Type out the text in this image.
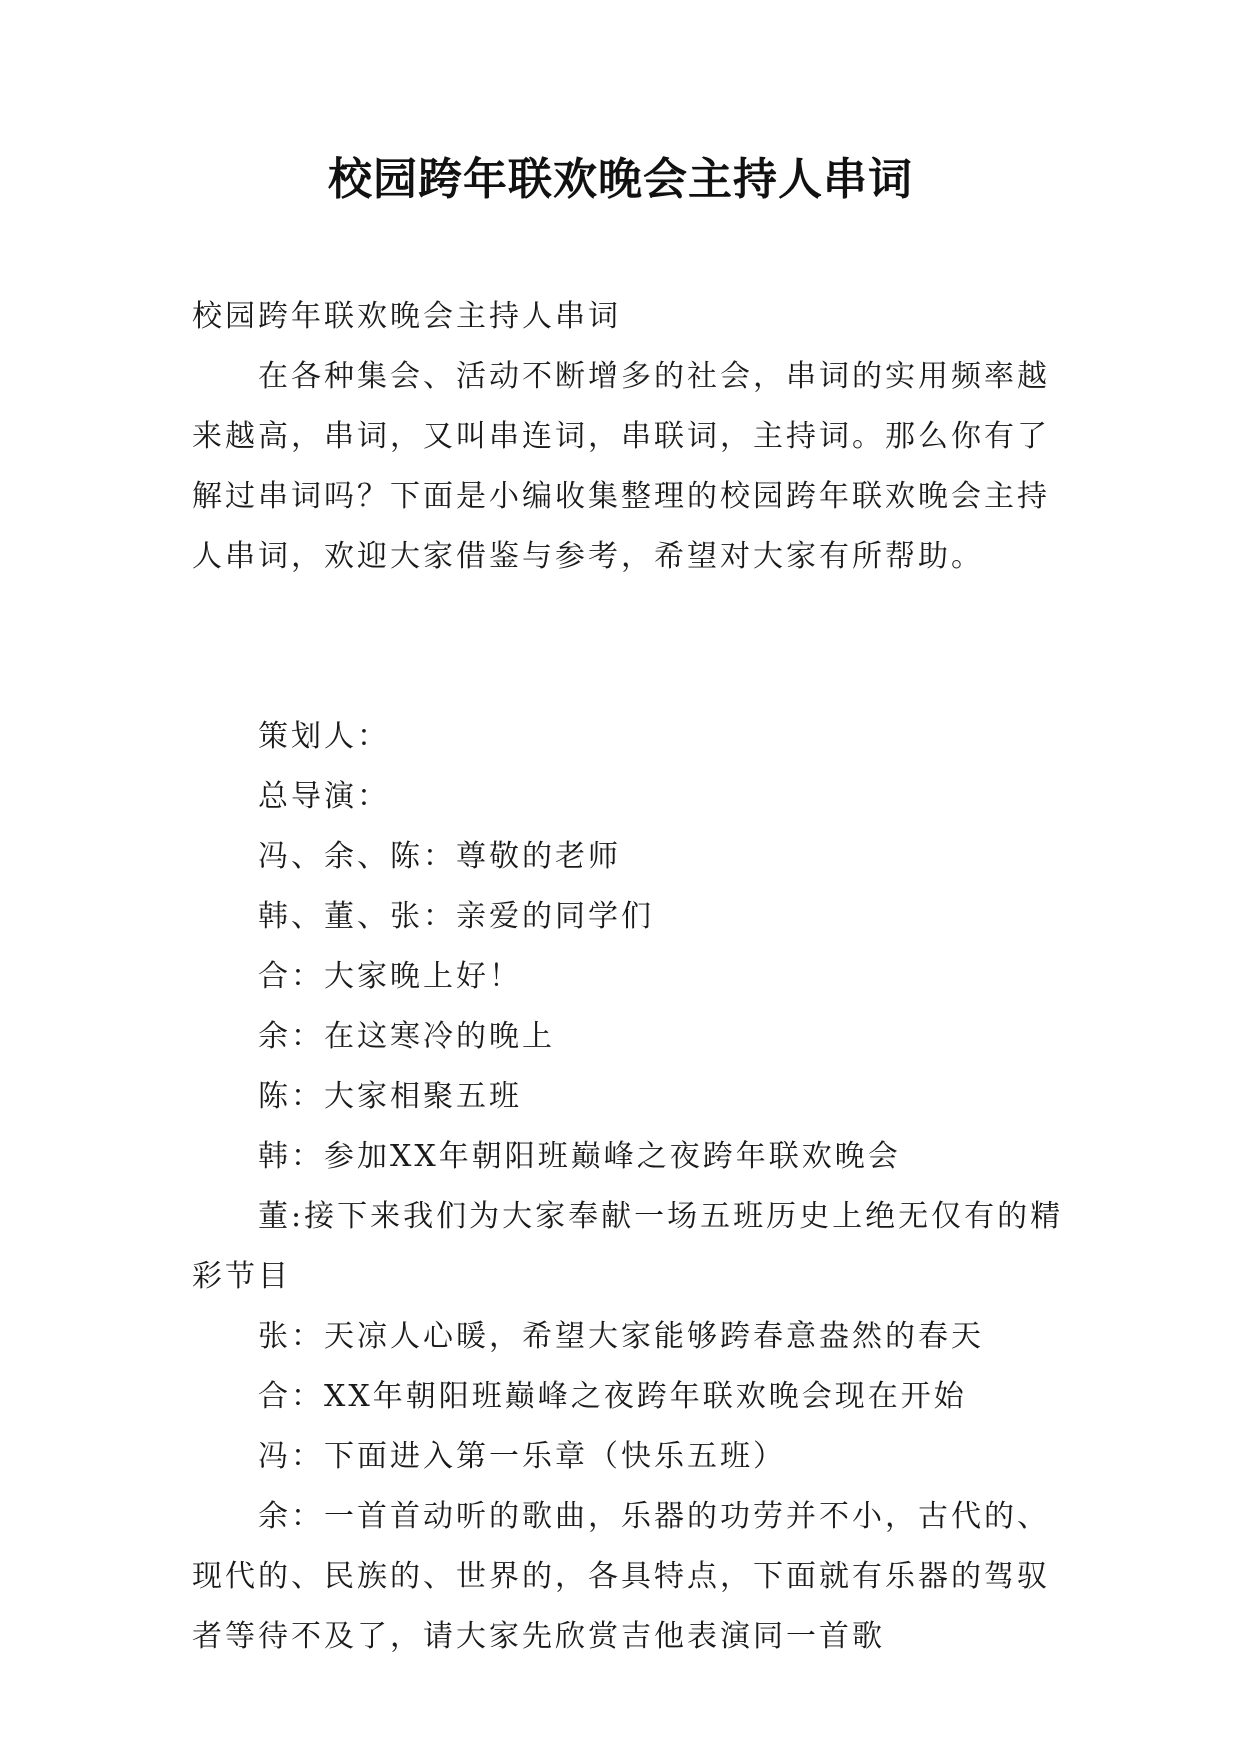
校园跨年联欢晚会主持人串词

校园跨年联欢晚会主持人串词

在各种集会、活动不断增多的社会，串词的实用频率越来越高，串词，又叫串连词，串联词，主持词。那么你有了解过串词吗？下面是小编收集整理的校园跨年联欢晚会主持人串词，欢迎大家借鉴与参考，希望对大家有所帮助。

策划人：

总导演：

冯、余、陈：尊敬的老师

韩、董、张：亲爱的同学们

合：大家晚上好！

余：在这寒冷的晚上

陈：大家相聚五班

韩：参加XX年朝阳班巅峰之夜跨年联欢晚会

董:接下来我们为大家奉献一场五班历史上绝无仅有的精彩节目

张：天凉人心暖，希望大家能够跨春意盎然的春天

合：XX年朝阳班巅峰之夜跨年联欢晚会现在开始

冯：下面进入第一乐章（快乐五班）

余：一首首动听的歌曲，乐器的功劳并不小，古代的、现代的、民族的、世界的，各具特点，下面就有乐器的驾驭者等待不及了，请大家先欣赏吉他表演同一首歌
